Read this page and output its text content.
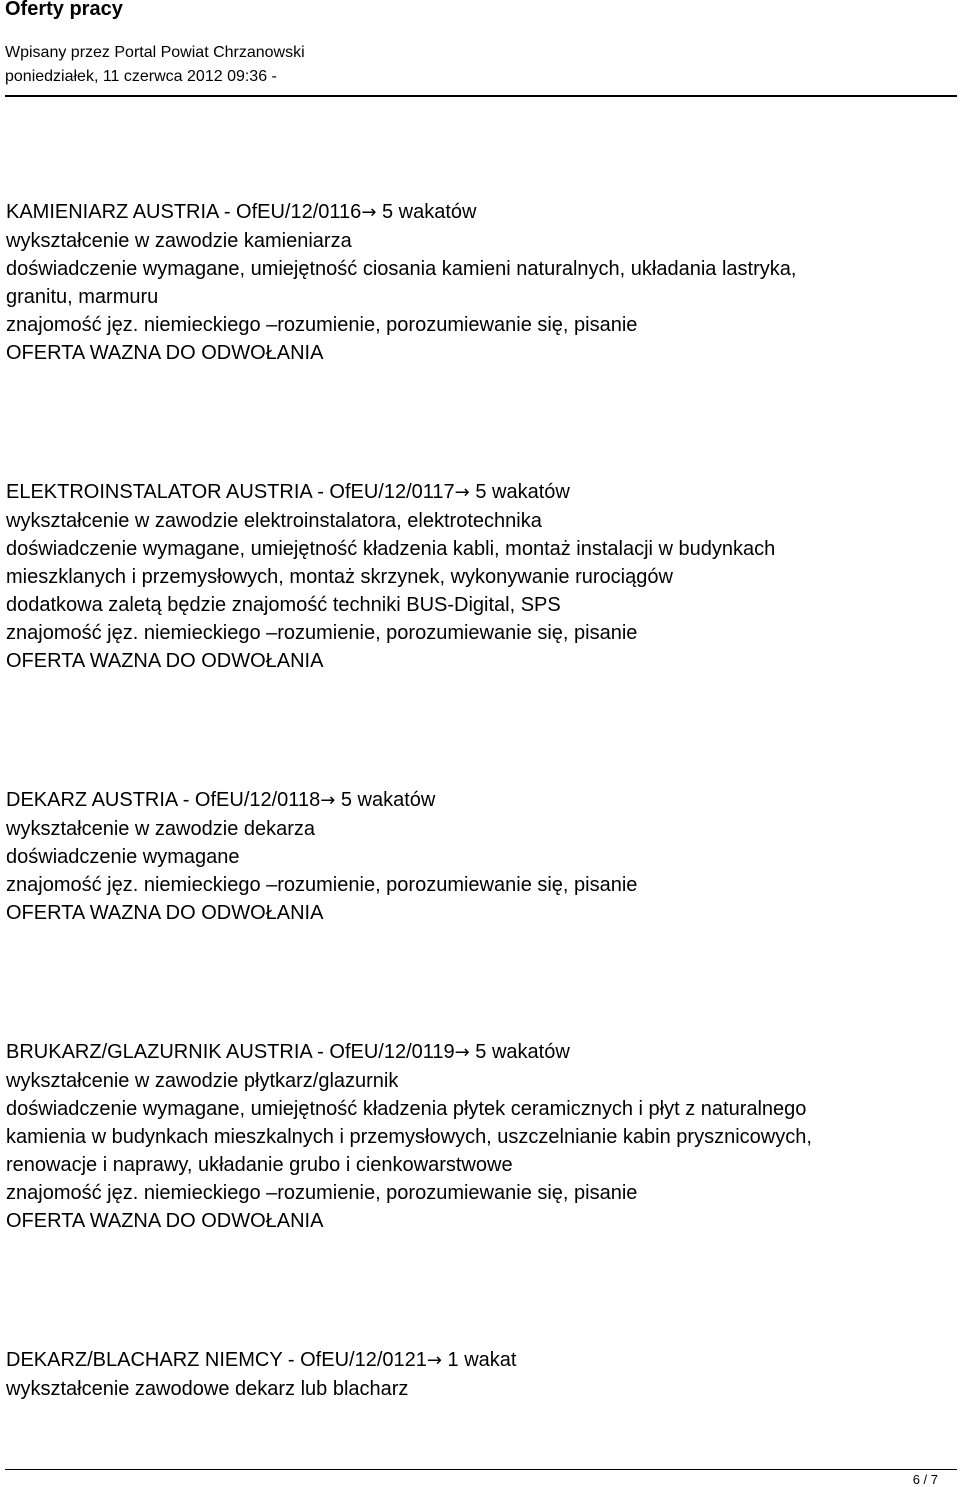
Oferty pracy
Wpisany przez Portal Powiat Chrzanowski
poniedziałek, 11 czerwca 2012 09:36 -
KAMIENIARZ AUSTRIA - OfEU/12/0116→ 5 wakatów
wykształcenie w zawodzie kamieniarza
doświadczenie wymagane, umiejętność ciosania kamieni naturalnych, układania lastryka,
granitu, marmuru
znajomość jęz. niemieckiego –rozumienie, porozumiewanie się, pisanie
OFERTA WAZNA DO ODWOŁANIA
ELEKTROINSTALATOR AUSTRIA - OfEU/12/0117→ 5 wakatów
wykształcenie w zawodzie elektroinstalatora, elektrotechnika
doświadczenie wymagane, umiejętność kładzenia kabli, montaż instalacji w budynkach
mieszklanych i przemysłowych, montaż skrzynek, wykonywanie rurociągów
dodatkowa zaletą będzie znajomość techniki BUS-Digital, SPS
znajomość jęz. niemieckiego –rozumienie, porozumiewanie się, pisanie
OFERTA WAZNA DO ODWOŁANIA
DEKARZ AUSTRIA - OfEU/12/0118→ 5 wakatów
wykształcenie w zawodzie dekarza
doświadczenie wymagane
znajomość jęz. niemieckiego –rozumienie, porozumiewanie się, pisanie
OFERTA WAZNA DO ODWOŁANIA
BRUKARZ/GLAZURNIK AUSTRIA - OfEU/12/0119→ 5 wakatów
wykształcenie w zawodzie płytkarz/glazurnik
doświadczenie wymagane, umiejętność kładzenia płytek ceramicznych i płyt z naturalnego
kamienia w budynkach mieszkalnych i przemysłowych, uszczelnianie kabin prysznicowych,
renowacje i naprawy, układanie grubo i cienkowarstwowe
znajomość jęz. niemieckiego –rozumienie, porozumiewanie się, pisanie
OFERTA WAZNA DO ODWOŁANIA
DEKARZ/BLACHARZ NIEMCY - OfEU/12/0121→ 1 wakat
wykształcenie zawodowe dekarz lub blacharz
6 / 7
